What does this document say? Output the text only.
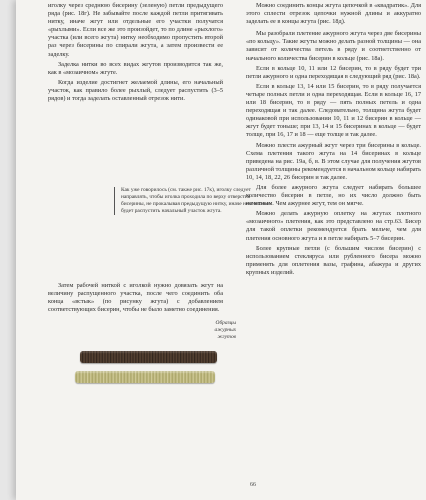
иголку через среднюю бисерину (зеленую) петли предыдущего ряда (рис. 18г). Не забывайте после каждой петли притягивать нитку, иначе жгут или отдельные его участки получатся «рыхлыми». Если все же это произойдет, то по длине «рыхлого» участка (или всего жгута) нитку необходимо пропустить второй раз через бисерины по спирали жгута, а затем произвести ее заделку.

Заделка нитки во всех видах жгутов производится так же, как в «мозаичном» жгуте.

Когда изделие достигнет желаемой длины, его начальный участок, как правило более рыхлый, следует распустить (3–5 рядов) и тогда заделать оставленный отрезок нити.

Как уже говорилось (см. также рис. 17к), иголку следует направлять, чтобы иголка проходила по верху отверстия бисерины, не прокалывая предыдущую нитку, иначе невозможно будет распустить начальный участок жгута.

Затем рабочей ниткой с иголкой нужно довязать жгут на величину распущенного участка, после чего соединить оба конца «встык» (по рисунку жгута) с добавлением соответствующих бисерин, чтобы не было заметно соединения.

Образцы
ажурных
жгутов

Можно соединить концы жгута цепочкой в «квадратик». Для этого сплести отрезок цепочки нужной длины и аккуратно заделать ее в концы жгута (рис. 18д).

Мы разобрали плетение ажурного жгута через две бисерины «по кольцу». Такие жгуты можно делать разной толщины — она зависит от количества петель в ряду и соответственно от начального количества бисерин в кольце (рис. 18а).

Если в кольце 10, 11 или 12 бисерин, то в ряду будет три петли ажурного и одна переходящая в следующий ряд (рис. 18а).

Если в кольце 13, 14 или 15 бисерин, то в ряду получается четыре полных петли и одна переходящая. Если в кольце 16, 17 или 18 бисерин, то в ряду — пять полных петель и одна переходящая и так далее. Следовательно, толщина жгута будет одинаковой при использовании 10, 11 и 12 бисерин в кольце — жгут будет тоньше; при 13, 14 и 15 бисеринах в кольце — будет толще, при 16, 17 и 18 — еще толще и так далее.

Можно плести ажурный жгут через три бисерины в кольце. Схема плетения такого жгута на 14 бисеринах в кольце приведена на рис. 19а, б, в. В этом случае для получения жгутов различной толщины рекомендуется в начальном кольце набирать 10, 14, 18, 22, 26 бисерин и так далее.

Для более ажурного жгута следует набирать большее количество бисерин в петле, но их число должно быть нечетным. Чем ажурнее жгут, тем он мягче.

Можно делать ажурную оплетку на жгутах плотного «мозаичного» плетения, как это представлено на стр.63. Бисер для такой оплетки рекомендуется брать мельче, чем для плетения основного жгута и в петле набирать 5–7 бисерин.

Более крупные петли (с большим числом бисерин) с использованием стеклярусa или рубленного бисера можно применять для оплетения вазы, графина, абажура и других крупных изделий.

66
